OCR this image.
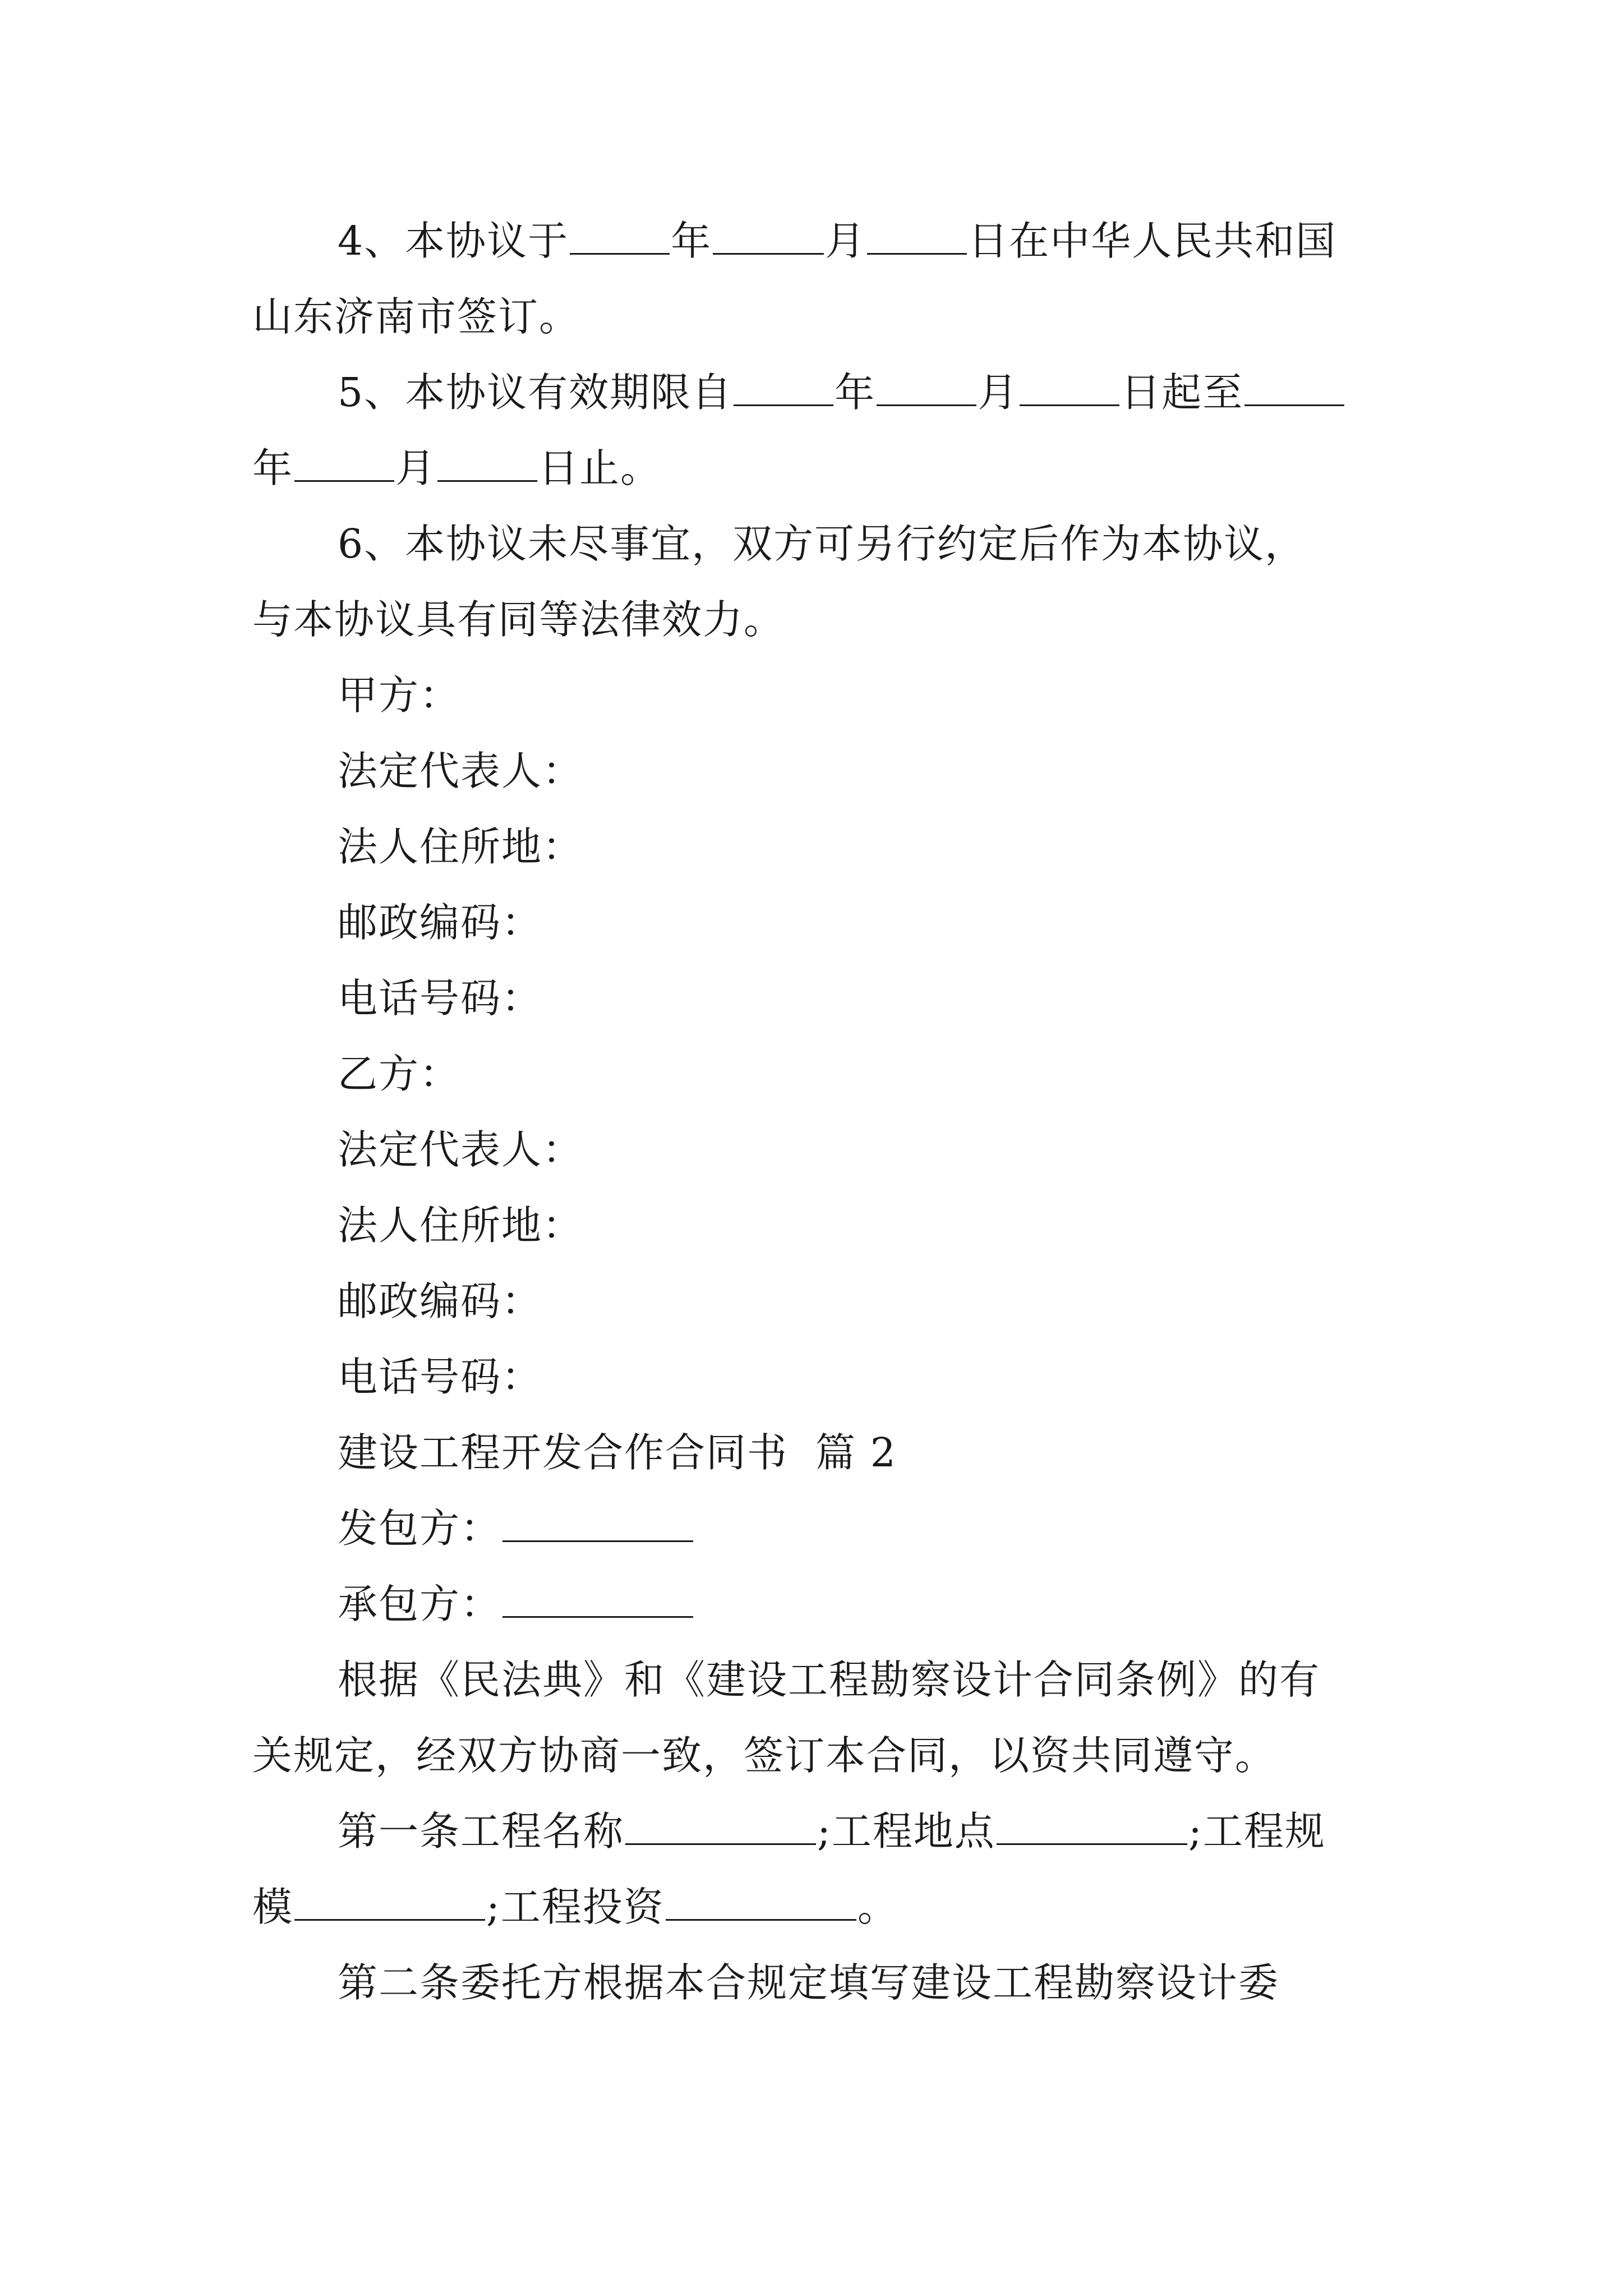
4、本协议于	年	月	日在中华人民共和国
山东济南市签订。
5、本协议有效期限自	年	月	日起至
年	月	日止。
6、本协议未尽事宜，双方可另行约定后作为本协议，
与本协议具有同等法律效力。
甲方：
法定代表人：
法人住所地：
邮政编码：
电话号码：
乙方：
法定代表人：
法人住所地：
邮政编码：
电话号码：
建设工程开发合作合同书  篇 2
发包方：
承包方：
根据《民法典》和《建设工程勘察设计合同条例》的有
关规定，经双方协商一致，签订本合同，以资共同遵守。
第一条工程名称	;工程地点	;工程规
模	;工程投资	。
第二条委托方根据本合规定填写建设工程勘察设计委
